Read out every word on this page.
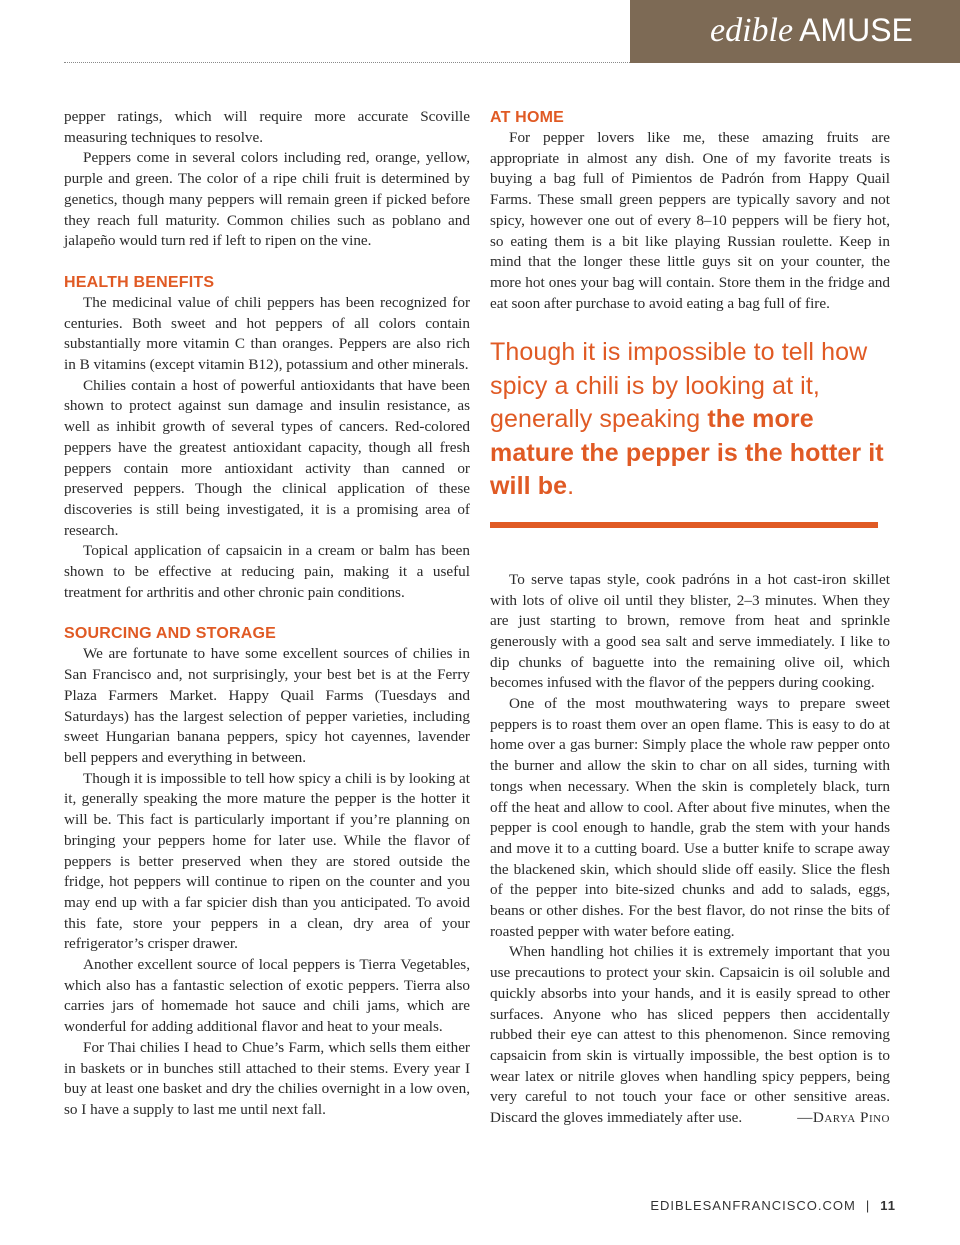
edible AMUSE

pepper ratings, which will require more accurate Scoville measuring techniques to resolve.

Peppers come in several colors including red, orange, yellow, purple and green. The color of a ripe chili fruit is determined by genetics, though many peppers will remain green if picked before they reach full maturity. Common chilies such as poblano and jalapeño would turn red if left to ripen on the vine.

HEALTH BENEFITS

The medicinal value of chili peppers has been recognized for centuries. Both sweet and hot peppers of all colors contain substantially more vitamin C than oranges. Peppers are also rich in B vitamins (except vitamin B12), potassium and other minerals.

Chilies contain a host of powerful antioxidants that have been shown to protect against sun damage and insulin resistance, as well as inhibit growth of several types of cancers. Red-colored peppers have the greatest antioxidant capacity, though all fresh peppers contain more antioxidant activity than canned or preserved peppers. Though the clinical application of these discoveries is still being investigated, it is a promising area of research.

Topical application of capsaicin in a cream or balm has been shown to be effective at reducing pain, making it a useful treatment for arthritis and other chronic pain conditions.

SOURCING AND STORAGE

We are fortunate to have some excellent sources of chilies in San Francisco and, not surprisingly, your best bet is at the Ferry Plaza Farmers Market. Happy Quail Farms (Tuesdays and Saturdays) has the largest selection of pepper varieties, including sweet Hungarian banana peppers, spicy hot cayennes, lavender bell peppers and everything in between.

Though it is impossible to tell how spicy a chili is by looking at it, generally speaking the more mature the pepper is the hotter it will be. This fact is particularly important if you’re planning on bringing your peppers home for later use. While the flavor of peppers is better preserved when they are stored outside the fridge, hot peppers will continue to ripen on the counter and you may end up with a far spicier dish than you anticipated. To avoid this fate, store your peppers in a clean, dry area of your refrigerator’s crisper drawer.

Another excellent source of local peppers is Tierra Vegetables, which also has a fantastic selection of exotic peppers. Tierra also carries jars of homemade hot sauce and chili jams, which are wonderful for adding additional flavor and heat to your meals.

For Thai chilies I head to Chue’s Farm, which sells them either in baskets or in bunches still attached to their stems. Every year I buy at least one basket and dry the chilies overnight in a low oven, so I have a supply to last me until next fall.

AT HOME

For pepper lovers like me, these amazing fruits are appropriate in almost any dish. One of my favorite treats is buying a bag full of Pimientos de Padrón from Happy Quail Farms. These small green peppers are typically savory and not spicy, however one out of every 8–10 peppers will be fiery hot, so eating them is a bit like playing Russian roulette. Keep in mind that the longer these little guys sit on your counter, the more hot ones your bag will contain. Store them in the fridge and eat soon after purchase to avoid eating a bag full of fire.

Though it is impossible to tell how spicy a chili is by looking at it, generally speaking the more mature the pepper is the hotter it will be.

To serve tapas style, cook padróns in a hot cast-iron skillet with lots of olive oil until they blister, 2–3 minutes. When they are just starting to brown, remove from heat and sprinkle generously with a good sea salt and serve immediately. I like to dip chunks of baguette into the remaining olive oil, which becomes infused with the flavor of the peppers during cooking.

One of the most mouthwatering ways to prepare sweet peppers is to roast them over an open flame. This is easy to do at home over a gas burner: Simply place the whole raw pepper onto the burner and allow the skin to char on all sides, turning with tongs when necessary. When the skin is completely black, turn off the heat and allow to cool. After about five minutes, when the pepper is cool enough to handle, grab the stem with your hands and move it to a cutting board. Use a butter knife to scrape away the blackened skin, which should slide off easily. Slice the flesh of the pepper into bite-sized chunks and add to salads, eggs, beans or other dishes. For the best flavor, do not rinse the bits of roasted pepper with water before eating.

When handling hot chilies it is extremely important that you use precautions to protect your skin. Capsaicin is oil soluble and quickly absorbs into your hands, and it is easily spread to other surfaces. Anyone who has sliced peppers then accidentally rubbed their eye can attest to this phenomenon. Since removing capsaicin from skin is virtually impossible, the best option is to wear latex or nitrile gloves when handling spicy peppers, being very careful to not touch your face or other sensitive areas. Discard the gloves immediately after use.	—Darya Pino

EDIBLESANFRANCISCO.COM | 11
